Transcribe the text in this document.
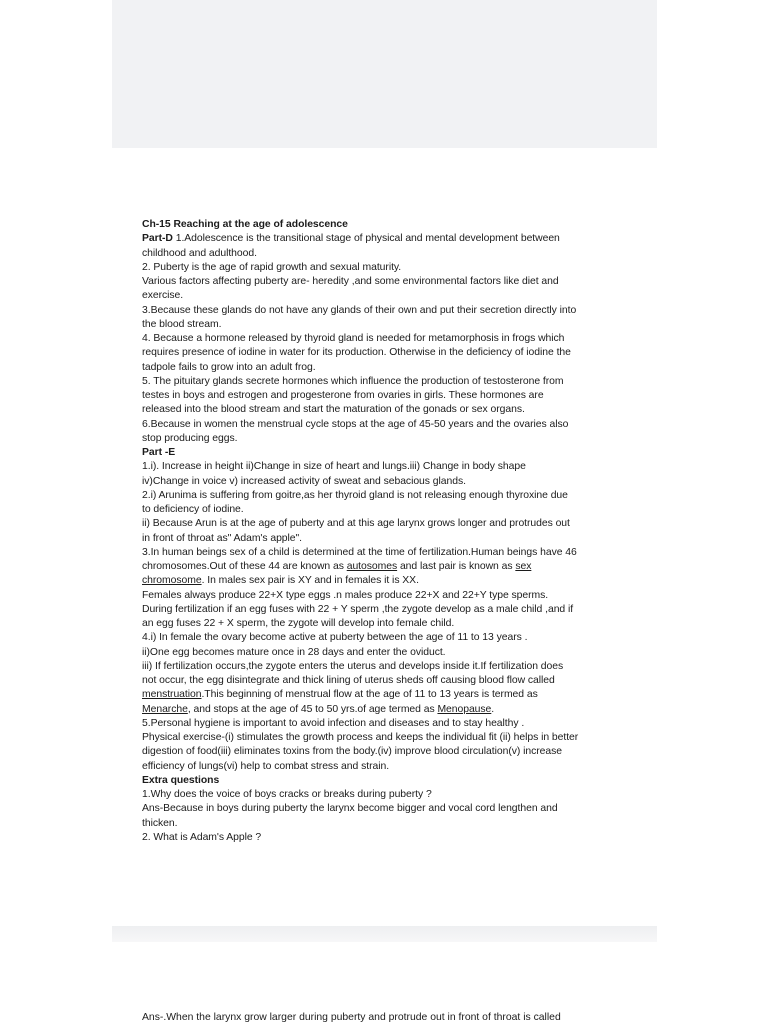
Ch-15 Reaching at the age of adolescence

Part-D 1.Adolescence is the transitional stage of physical and mental development between

childhood and adulthood.

2. Puberty is the age of rapid growth and sexual maturity.

Various factors affecting puberty are- heredity ,and some environmental factors like diet and

exercise.

3.Because these glands do not have any glands of their own and put their secretion directly into

the blood stream.

4. Because a hormone released by thyroid gland is needed for metamorphosis in frogs which

requires presence of iodine in water for its production. Otherwise in the deficiency of iodine the

tadpole fails to grow into an adult frog.

5. The pituitary glands secrete hormones which influence the production of testosterone from

testes in boys and estrogen and progesterone from ovaries in girls. These hormones are

released into the blood stream and start the maturation of the gonads or sex organs.

6.Because in women the menstrual cycle stops at the age of 45-50 years and the ovaries also

stop producing eggs.

Part -E

1.i). Increase in height ii)Change in size of heart and lungs.iii) Change in body shape

iv)Change in voice v) increased activity of sweat and sebacious glands.

2.i) Arunima is suffering from goitre,as her thyroid gland is not releasing enough thyroxine due

to deficiency of iodine.

ii) Because Arun is at the age of puberty and at this age larynx grows longer and protrudes out

in front of throat as" Adam's apple".

3.In human beings sex of a child is determined at the time of fertilization.Human beings have 46

chromosomes.Out of these 44 are known as autosomes and last pair is known as sex

chromosome. In males sex pair is XY and in females it is XX.

Females always produce 22+X type eggs .n males produce 22+X and 22+Y type sperms.

During fertilization if an egg fuses with 22 + Y sperm ,the zygote develop as a male child ,and if

an egg fuses 22 + X sperm, the zygote will develop into female child.

4.i) In female the ovary become active at puberty between the age of 11 to 13 years .

ii)One egg becomes mature once in 28 days and enter the oviduct.

iii) If fertilization occurs,the zygote enters the uterus and develops inside it.If fertilization does

not occur, the egg disintegrate and thick lining of uterus sheds off causing blood flow called

menstruation.This beginning of menstrual flow at the age of 11 to 13 years is termed as

Menarche, and stops at the age of 45 to 50 yrs.of age termed as Menopause.

5.Personal hygiene is important to avoid infection and diseases and to stay healthy .

Physical exercise-(i) stimulates the growth process and keeps the individual fit (ii) helps in better

digestion of food(iii) eliminates toxins from the body.(iv) improve blood circulation(v) increase

efficiency of lungs(vi) help to combat stress and strain.

Extra questions

1.Why does the voice of boys cracks or breaks during puberty ?

Ans-Because in boys during puberty the larynx become bigger and vocal cord lengthen and

thicken.

2. What is Adam's Apple ?

Ans-.When the larynx grow larger during puberty and protrude out in front of throat is called
